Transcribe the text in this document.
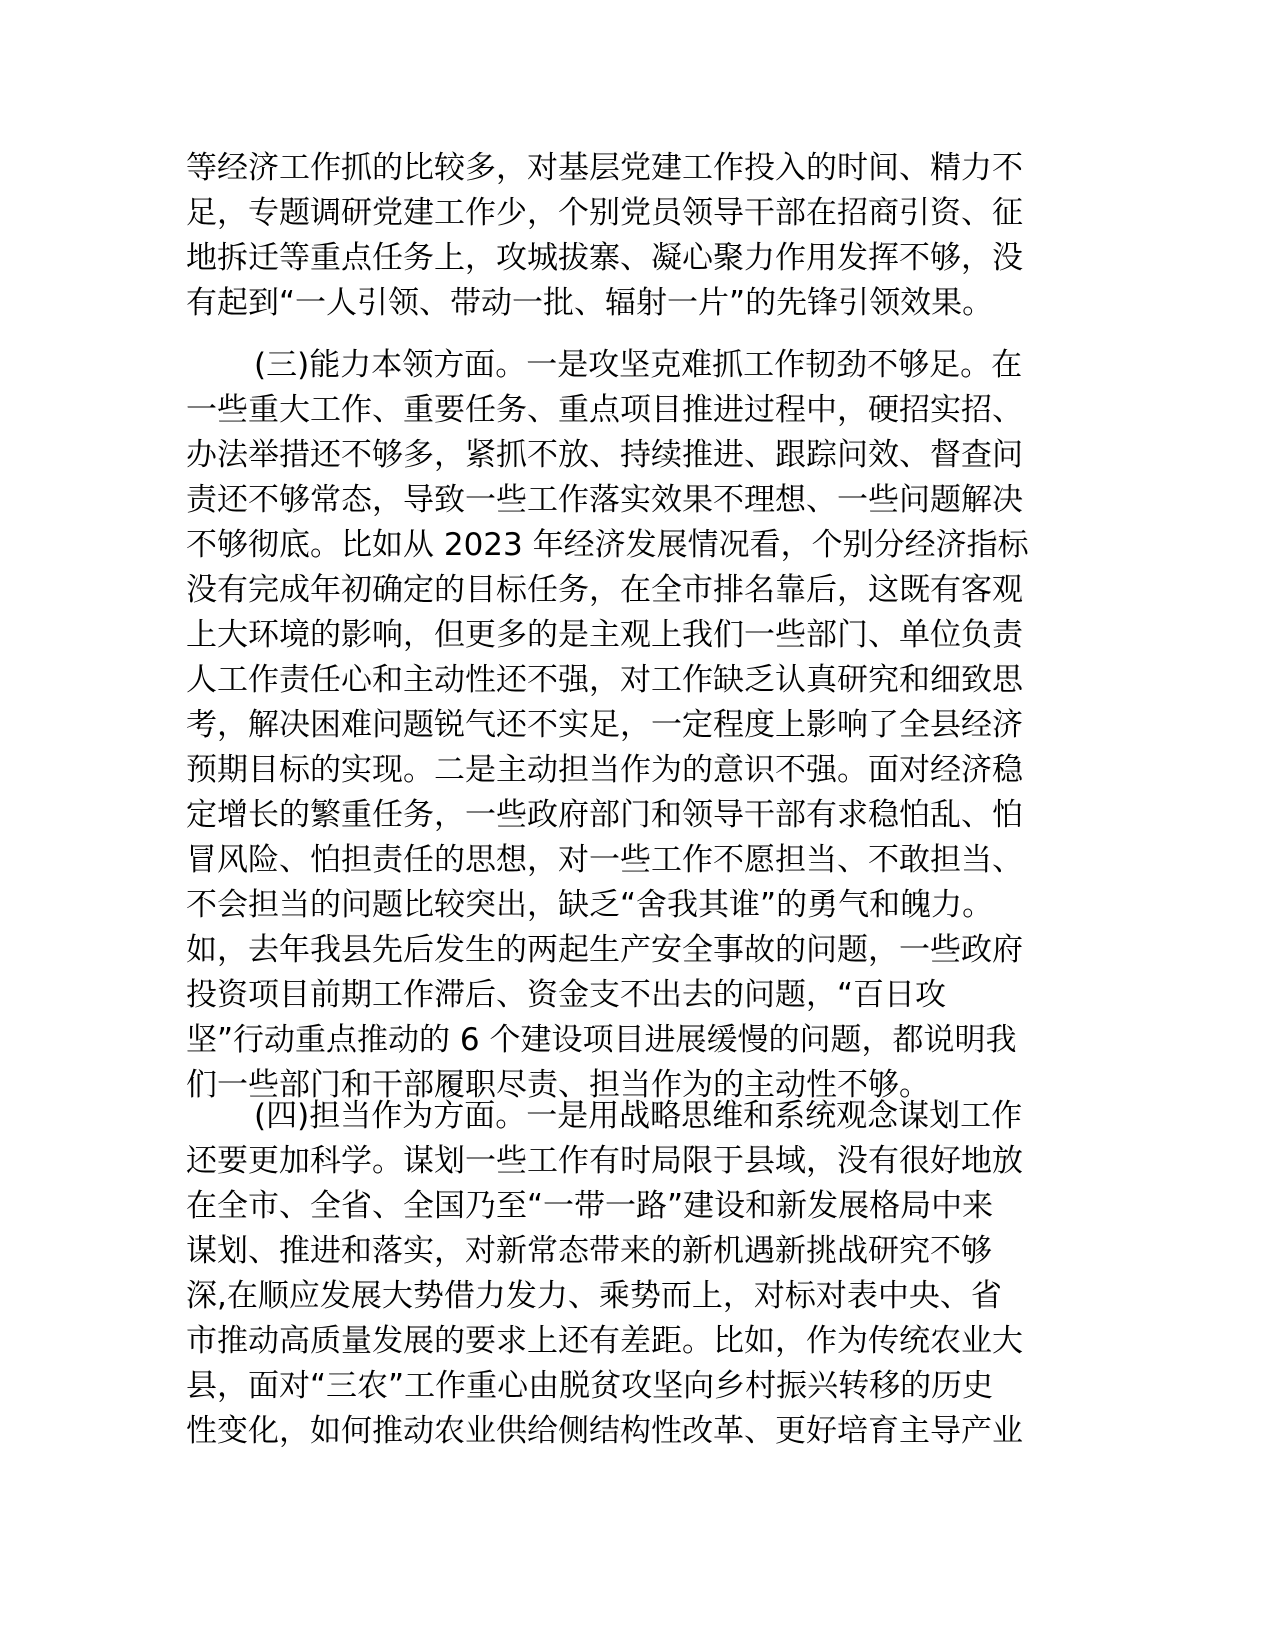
等经济工作抓的比较多，对基层党建工作投入的时间、精力不
足，专题调研党建工作少，个别党员领导干部在招商引资、征
地拆迁等重点任务上，攻城拔寨、凝心聚力作用发挥不够，没
有起到“一人引领、带动一批、辐射一片”的先锋引领效果。
(三)能力本领方面。一是攻坚克难抓工作韧劲不够足。在
一些重大工作、重要任务、重点项目推进过程中，硬招实招、
办法举措还不够多，紧抓不放、持续推进、跟踪问效、督查问
责还不够常态，导致一些工作落实效果不理想、一些问题解决
不够彻底。比如从 2023 年经济发展情况看，个别分经济指标
没有完成年初确定的目标任务，在全市排名靠后，这既有客观
上大环境的影响，但更多的是主观上我们一些部门、单位负责
人工作责任心和主动性还不强，对工作缺乏认真研究和细致思
考，解决困难问题锐气还不实足，一定程度上影响了全县经济
预期目标的实现。二是主动担当作为的意识不强。面对经济稳
定增长的繁重任务，一些政府部门和领导干部有求稳怕乱、怕
冒风险、怕担责任的思想，对一些工作不愿担当、不敢担当、
不会担当的问题比较突出，缺乏“舍我其谁”的勇气和魄力。
如，去年我县先后发生的两起生产安全事故的问题，一些政府
投资项目前期工作滞后、资金支不出去的问题，“百日攻
坚”行动重点推动的 6 个建设项目进展缓慢的问题，都说明我
们一些部门和干部履职尽责、担当作为的主动性不够。
(四)担当作为方面。一是用战略思维和系统观念谋划工作
还要更加科学。谋划一些工作有时局限于县域，没有很好地放
在全市、全省、全国乃至“一带一路”建设和新发展格局中来
谋划、推进和落实，对新常态带来的新机遇新挑战研究不够
深,在顺应发展大势借力发力、乘势而上，对标对表中央、省
市推动高质量发展的要求上还有差距。比如，作为传统农业大
县，面对“三农”工作重心由脱贫攻坚向乡村振兴转移的历史
性变化，如何推动农业供给侧结构性改革、更好培育主导产业
